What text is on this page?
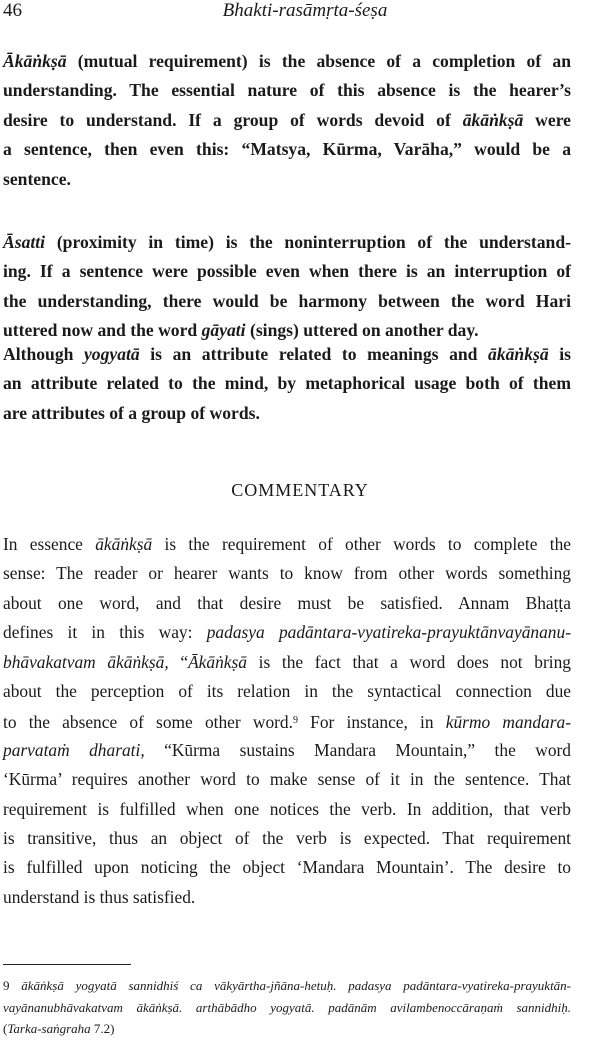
46	Bhakti-rasāmṛta-śeṣa
Ākāṅkṣā (mutual requirement) is the absence of a completion of an
understanding. The essential nature of this absence is the hearer’s
desire to understand. If a group of words devoid of ākāṅkṣā were
a sentence, then even this: “Matsya, Kūrma, Varāha,” would be a
sentence.
Āsatti (proximity in time) is the noninterruption of the understand-
ing. If a sentence were possible even when there is an interruption of
the understanding, there would be harmony between the word Hari
uttered now and the word gāyati (sings) uttered on another day.
Although yogyatā is an attribute related to meanings and ākāṅkṣā is
an attribute related to the mind, by metaphorical usage both of them
are attributes of a group of words.
COMMENTARY
In essence ākāṅkṣā is the requirement of other words to complete the
sense: The reader or hearer wants to know from other words something
about one word, and that desire must be satisfied. Annam Bhaṭṭa
defines it in this way: padasya padāntara-vyatireka-prayuktānvayānanu-
bhāvakatvam ākāṅkṣā, “Ākāṅkṣā is the fact that a word does not bring
about the perception of its relation in the syntactical connection due
to the absence of some other word.$^9$ For instance, in kūrmo mandara-
parvataṁ dharati, “Kūrma sustains Mandara Mountain,” the word
‘Kūrma’ requires another word to make sense of it in the sentence. That
requirement is fulfilled when one notices the verb. In addition, that verb
is transitive, thus an object of the verb is expected. That requirement
is fulfilled upon noticing the object ‘Mandara Mountain’. The desire to
understand is thus satisfied.
9 ākāṅkṣā yogyatā sannidhiś ca vākyārtha-jñāna-hetuḥ. padasya padāntara-vyatireka-prayuktān-
vayānanubhāvakatvam ākāṅkṣā. arthābādho yogyatā. padānām avilambenoccāraṇaṁ sannidhiḥ.
(Tarka-saṅgraha 7.2)
